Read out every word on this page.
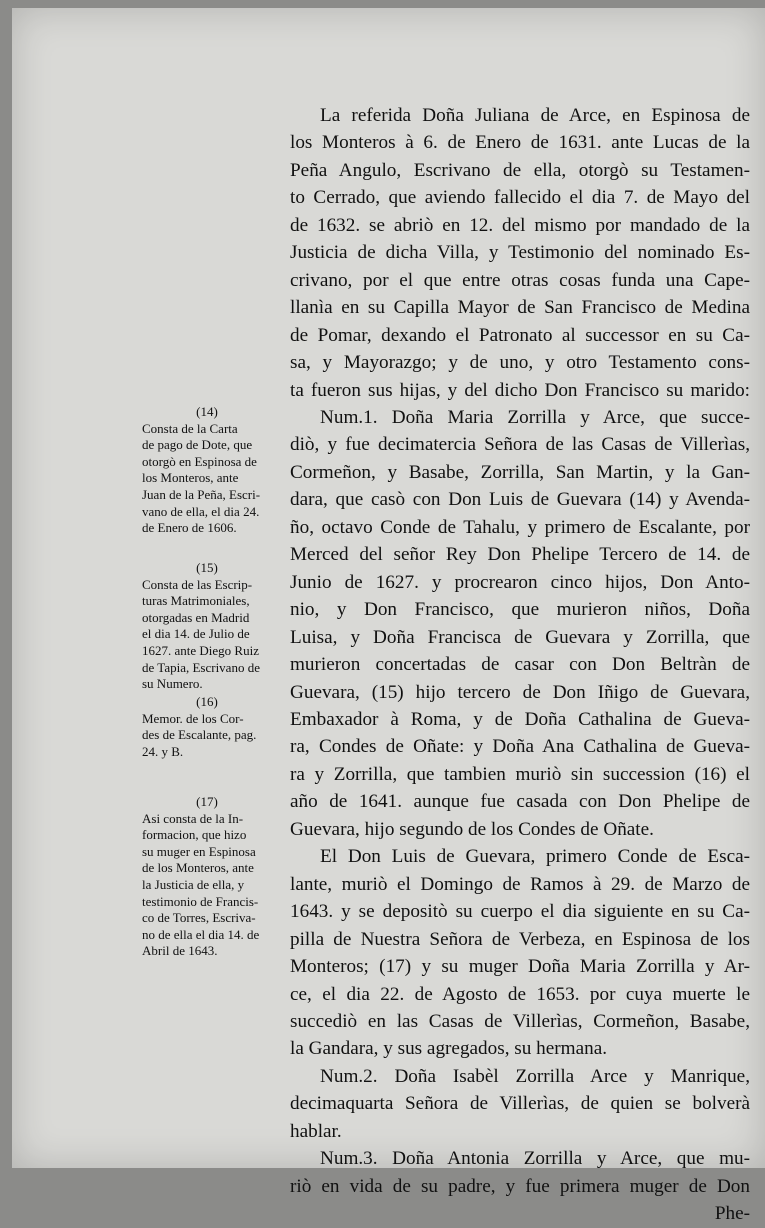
(14)
Consta de la Carta
de pago de Dote, que
otorgò en Espinosa de
los Monteros, ante
Juan de la Peña, Escri-
vano de ella, el dia 24.
de Enero de 1606.
(15)
Consta de las Escrip-
turas Matrimoniales,
otorgadas en Madrid
el dia 14. de Julio de
1627. ante Diego Ruiz
de Tapia, Escrivano de
su Numero.
(16)
Memor. de los Cor-
des de Escalante, pag.
24. y B.
(17)
Asi consta de la In-
formacion, que hizo
su muger en Espinosa
de los Monteros, ante
la Justicia de ella, y
testimonio de Francis-
co de Torres, Escriva-
no de ella el dia 14. de
Abril de 1643.

La referida Doña Juliana de Arce, en Espinosa de

los Monteros à 6. de Enero de 1631. ante Lucas de la

Peña Angulo, Escrivano de ella, otorgò su Testamen-

to Cerrado, que aviendo fallecido el dia 7. de Mayo del

de 1632. se abriò en 12. del mismo por mandado de la

Justicia de dicha Villa, y Testimonio del nominado Es-

crivano, por el que entre otras cosas funda una Cape-

llanìa en su Capilla Mayor de San Francisco de Medina

de Pomar, dexando el Patronato al successor en su Ca-

sa, y Mayorazgo; y de uno, y otro Testamento cons-

ta fueron sus hijas, y del dicho Don Francisco su marido:

Num.1. Doña Maria Zorrilla y Arce, que succe-

diò, y fue decimatercia Señora de las Casas de Villerìas,

Cormeñon, y Basabe, Zorrilla, San Martin, y la Gan-

dara, que casò con Don Luis de Guevara (14) y Avenda-

ño, octavo Conde de Tahalu, y primero de Escalante, por

Merced del señor Rey Don Phelipe Tercero de 14. de

Junio de 1627. y procrearon cinco hijos, Don Anto-

nio, y Don Francisco, que murieron niños, Doña

Luisa, y Doña Francisca de Guevara y Zorrilla, que

murieron concertadas de casar con Don Beltràn de

Guevara, (15) hijo tercero de Don Iñigo de Guevara,

Embaxador à Roma, y de Doña Cathalina de Gueva-

ra, Condes de Oñate: y Doña Ana Cathalina de Gueva-

ra y Zorrilla, que tambien muriò sin succession (16) el

año de 1641. aunque fue casada con Don Phelipe de

Guevara, hijo segundo de los Condes de Oñate.

El Don Luis de Guevara, primero Conde de Esca-

lante, muriò el Domingo de Ramos à 29. de Marzo de

1643. y se depositò su cuerpo el dia siguiente en su Ca-

pilla de Nuestra Señora de Verbeza, en Espinosa de los

Monteros; (17) y su muger Doña Maria Zorrilla y Ar-

ce, el dia 22. de Agosto de 1653. por cuya muerte le

succediò en las Casas de Villerìas, Cormeñon, Basabe,

la Gandara, y sus agregados, su hermana.

Num.2. Doña Isabèl Zorrilla Arce y Manrique,

decimaquarta Señora de Villerìas, de quien se bolverà

hablar.

Num.3. Doña Antonia Zorrilla y Arce, que mu-

riò en vida de su padre, y fue primera muger de Don

Phe-
